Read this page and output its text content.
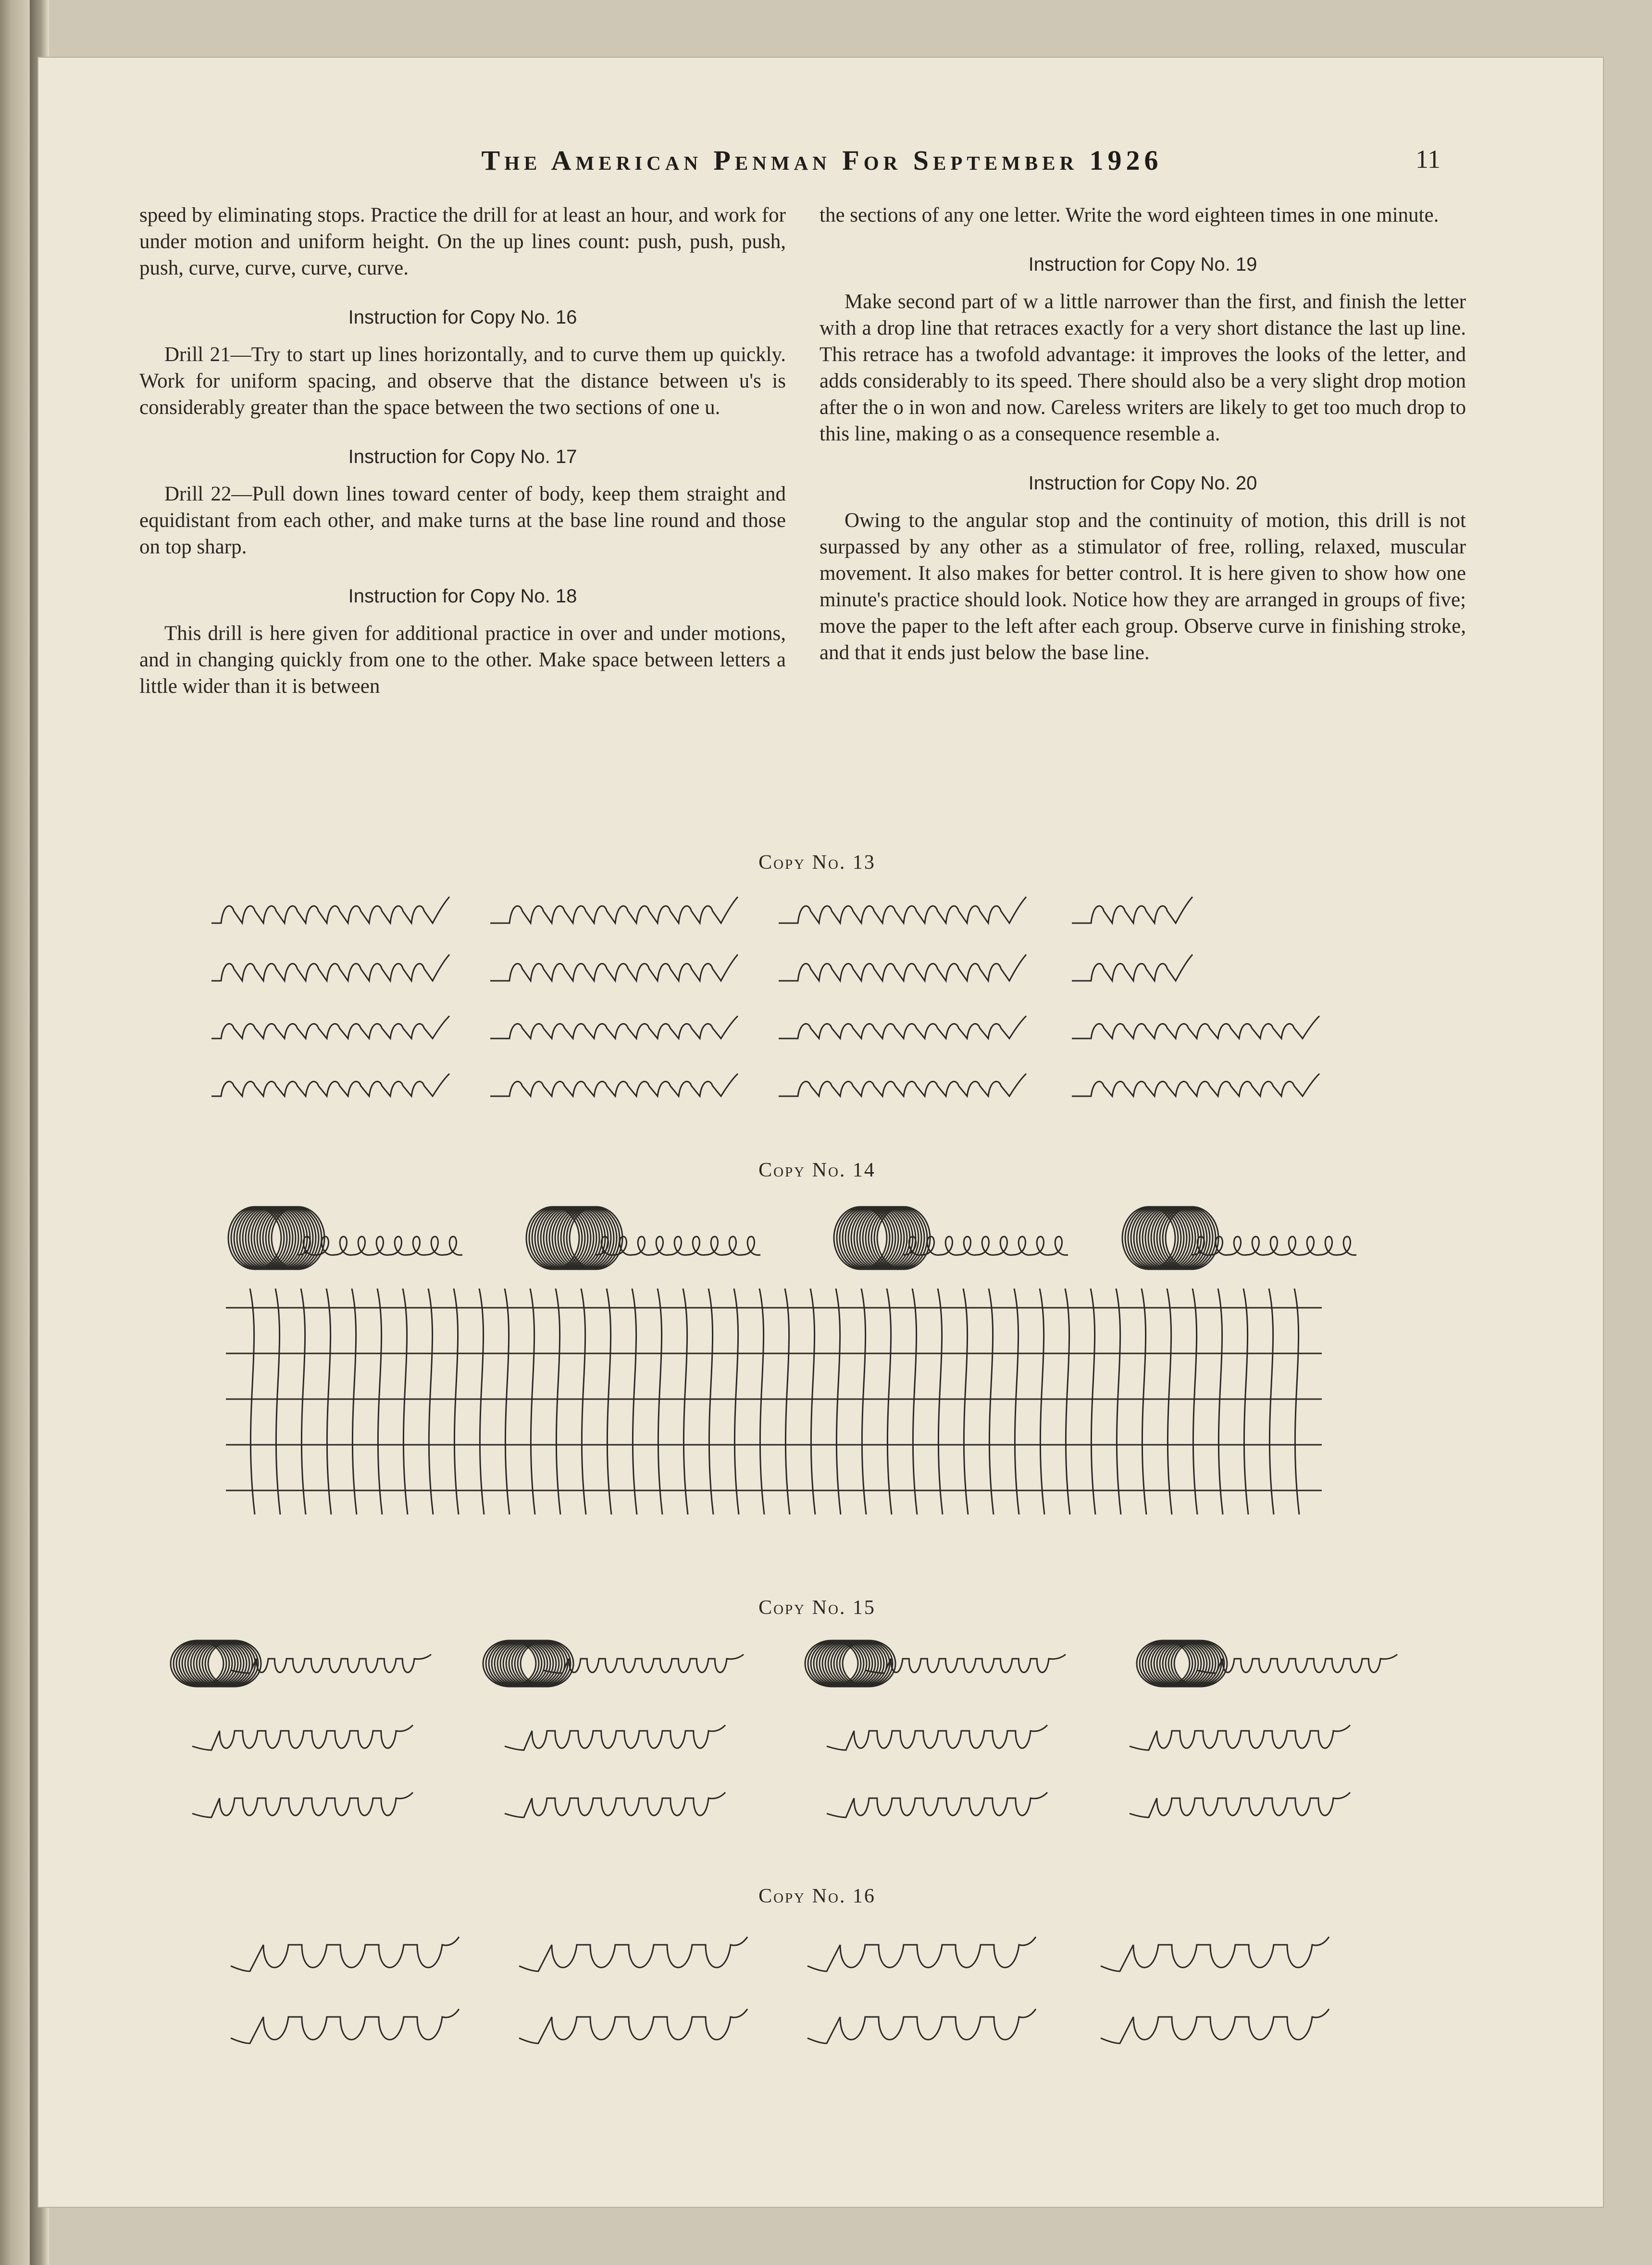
The American Penman For September 1926	11

speed by eliminating stops. Practice the drill for at least an hour, and work for under motion and uniform height. On the up lines count: push, push, push, push, curve, curve, curve, curve.

Instruction for Copy No. 16

Drill 21—Try to start up lines horizontally, and to curve them up quickly. Work for uniform spacing, and observe that the distance between u's is considerably greater than the space between the two sections of one u.

Instruction for Copy No. 17

Drill 22—Pull down lines toward center of body, keep them straight and equidistant from each other, and make turns at the base line round and those on top sharp.

Instruction for Copy No. 18

This drill is here given for additional practice in over and under motions, and in changing quickly from one to the other. Make space between letters a little wider than it is between

the sections of any one letter. Write the word eighteen times in one minute.

Instruction for Copy No. 19

Make second part of w a little narrower than the first, and finish the letter with a drop line that retraces exactly for a very short distance the last up line. This retrace has a twofold advantage: it improves the looks of the letter, and adds considerably to its speed. There should also be a very slight drop motion after the o in won and now. Careless writers are likely to get too much drop to this line, making o as a consequence resemble a.

Instruction for Copy No. 20

Owing to the angular stop and the continuity of motion, this drill is not surpassed by any other as a stimulator of free, rolling, relaxed, muscular movement. It also makes for better control. It is here given to show how one minute's practice should look. Notice how they are arranged in groups of five; move the paper to the left after each group. Observe curve in finishing stroke, and that it ends just below the base line.

Copy No. 13
Copy No. 14
Copy No. 15
Copy No. 16
